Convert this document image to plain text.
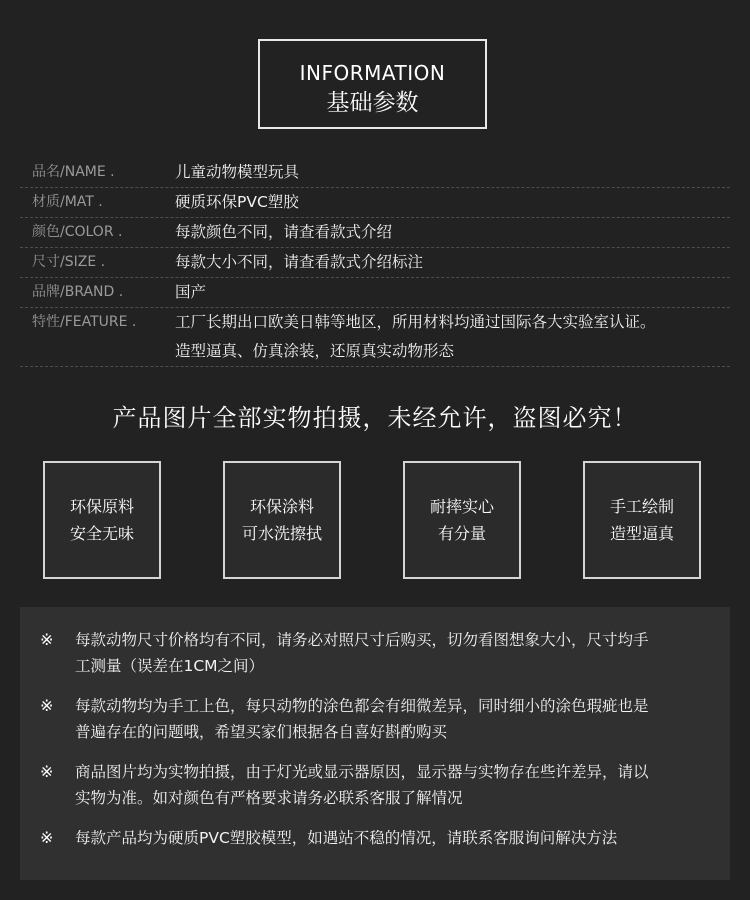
INFORMATION
基础参数
品名/NAME .	儿童动物模型玩具
材质/MAT .	硬质环保PVC塑胶
颜色/COLOR .	每款颜色不同，请查看款式介绍
尺寸/SIZE .	每款大小不同，请查看款式介绍标注
品牌/BRAND .	国产
特性/FEATURE .	工厂长期出口欧美日韩等地区，所用材料均通过国际各大实验室认证。
造型逼真、仿真涂装，还原真实动物形态
产品图片全部实物拍摄，未经允许，盗图必究！
环保原料
安全无味
环保涂料
可水洗擦拭
耐摔实心
有分量
手工绘制
造型逼真
※	每款动物尺寸价格均有不同，请务必对照尺寸后购买，切勿看图想象大小，尺寸均手
工测量（误差在1CM之间）
※	每款动物均为手工上色，每只动物的涂色都会有细微差异，同时细小的涂色瑕疵也是
普遍存在的问题哦，希望买家们根据各自喜好斟酌购买
※	商品图片均为实物拍摄，由于灯光或显示器原因，显示器与实物存在些许差异，请以
实物为准。如对颜色有严格要求请务必联系客服了解情况
※	每款产品均为硬质PVC塑胶模型，如遇站不稳的情况，请联系客服询问解决方法
